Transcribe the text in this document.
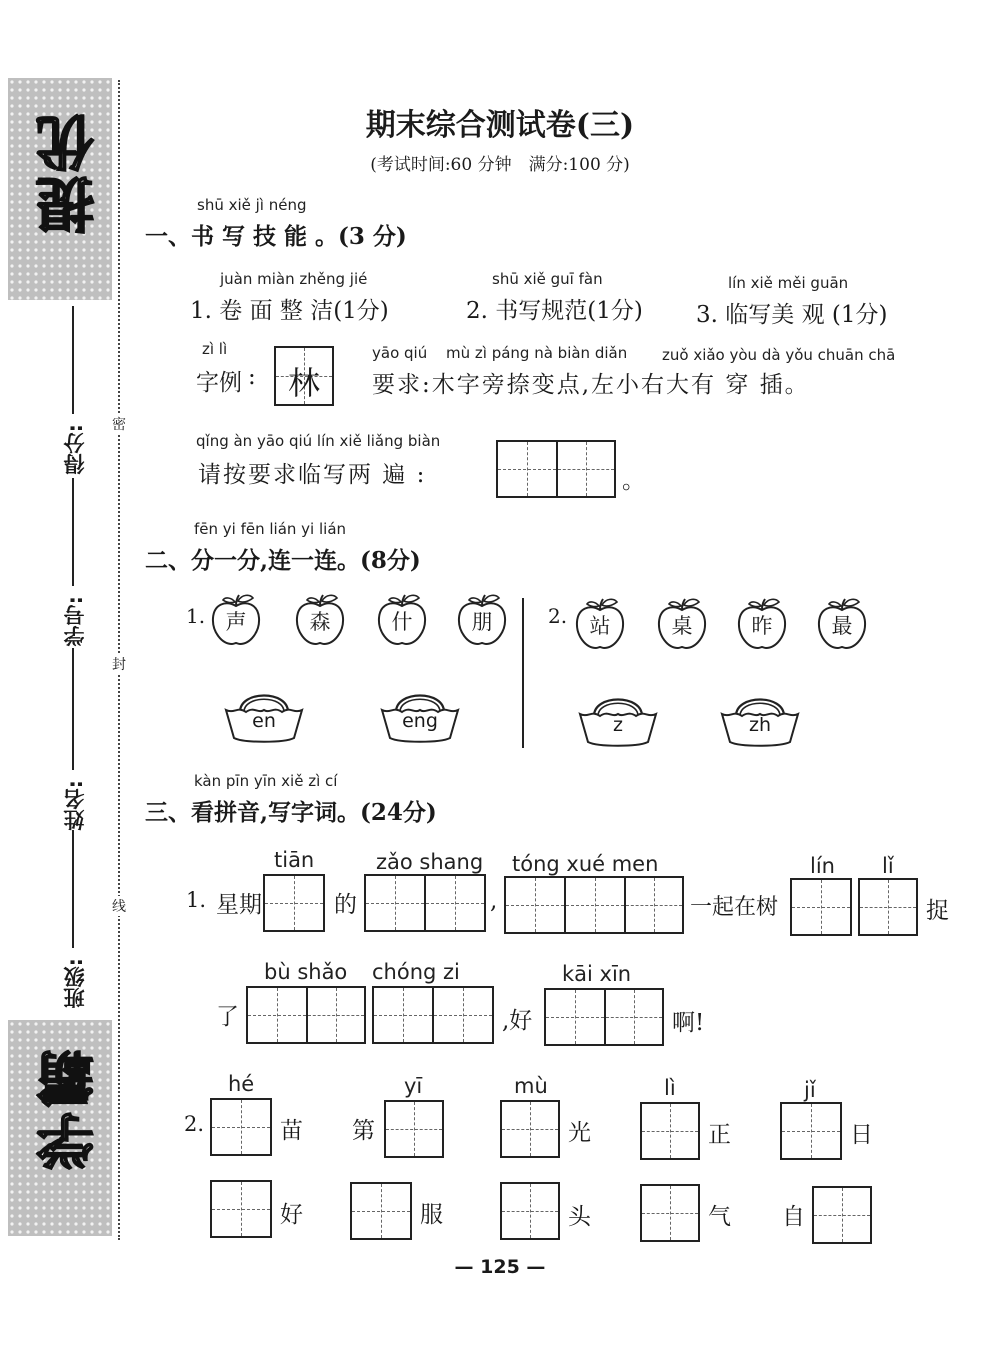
提优
学霸
得分:
学号:
姓名:
班级:
密
封
线
期末综合测试卷(三)
(考试时间:60 分钟　满分:100 分)
shū xiě jì néng
一、书 写 技 能 。(3 分)
juàn miàn zhěng jié
1. 卷 面 整 洁(1分)
shū xiě guī fàn
2. 书写规范(1分)
lín xiě měi guān
3. 临写美 观 (1分)
zì lì
字例 :	林
yāo qiú mù zì páng nà biàn diǎn zuǒ xiǎo yòu dà yǒu chuān chā
要求:木字旁捺变点,左小右大有 穿 插。
qǐng àn yāo qiú lín xiě liǎng biàn
请按要求临写两 遍 :	。
fēn yi fēn lián yi lián
二、分一分,连一连。(8分)
1.	2.
声	森	什	朋	站	桌	昨	最
en	eng	z	zh
kàn pīn yīn xiě zì cí
三、看拼音,写字词。(24分)
1. 星期
tiān
的
zǎo shang
,
tóng xué men
一起在树
lín lǐ
捉
了
bù shǎo chóng zi
,好
kāi xīn
啊!
2.
hé
苗 第
yī	mù
光
lì
正
jǐ
日
好	服	头	气 自
— 125 —
